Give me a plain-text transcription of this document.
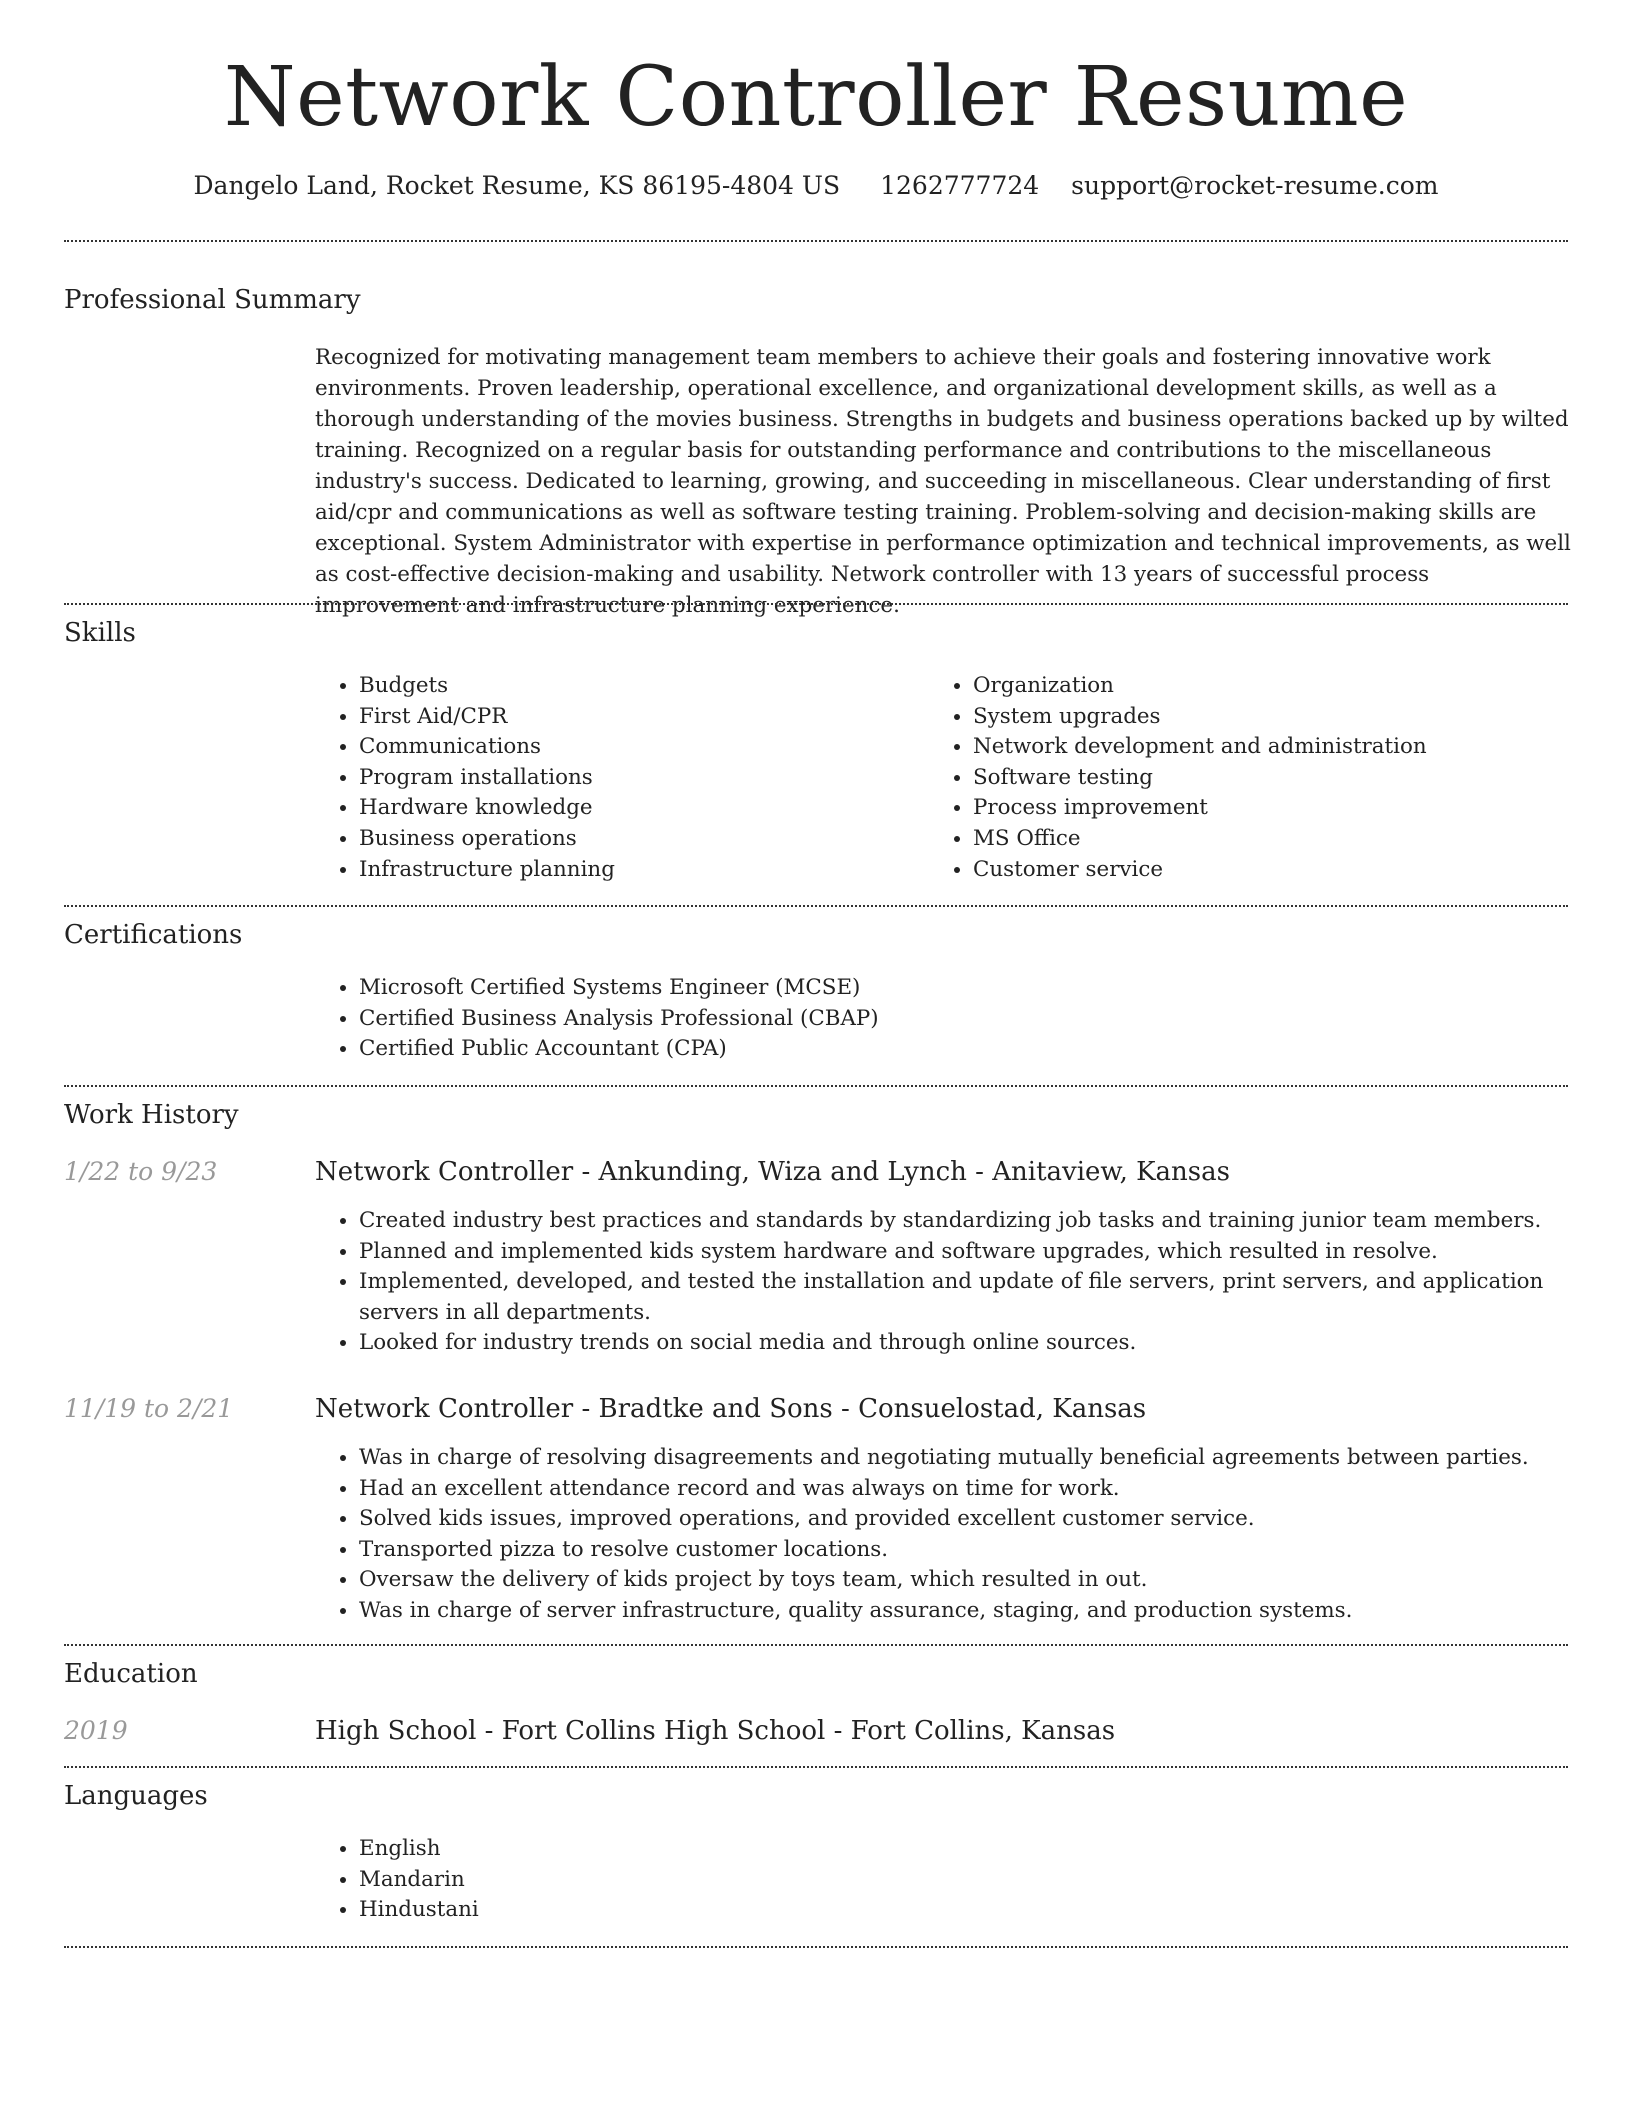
Network Controller Resume
Dangelo Land, Rocket Resume, KS 86195-4804 US 1262777724 support@rocket-resume.com
Professional Summary

Recognized for motivating management team members to achieve their goals and fostering innovative work environments. Proven leadership, operational excellence, and organizational development skills, as well as a thorough understanding of the movies business. Strengths in budgets and business operations backed up by wilted training. Recognized on a regular basis for outstanding performance and contributions to the miscellaneous industry's success. Dedicated to learning, growing, and succeeding in miscellaneous. Clear understanding of first aid/cpr and communications as well as software testing training. Problem-solving and decision-making skills are exceptional. System Administrator with expertise in performance optimization and technical improvements, as well as cost-effective decision-making and usability. Network controller with 13 years of successful process improvement and infrastructure planning experience.

Skills
• Budgets
• First Aid/CPR
• Communications
• Program installations
• Hardware knowledge
• Business operations
• Infrastructure planning
• Organization
• System upgrades
• Network development and administration
• Software testing
• Process improvement
• MS Office
• Customer service
Certifications
• Microsoft Certified Systems Engineer (MCSE)
• Certified Business Analysis Professional (CBAP)
• Certified Public Accountant (CPA)
Work History
1/22 to 9/23	Network Controller - Ankunding, Wiza and Lynch - Anitaview, Kansas
• Created industry best practices and standards by standardizing job tasks and training junior team members.
• Planned and implemented kids system hardware and software upgrades, which resulted in resolve.
• Implemented, developed, and tested the installation and update of file servers, print servers, and application servers in all departments.
• Looked for industry trends on social media and through online sources.
11/19 to 2/21	Network Controller - Bradtke and Sons - Consuelostad, Kansas
• Was in charge of resolving disagreements and negotiating mutually beneficial agreements between parties.
• Had an excellent attendance record and was always on time for work.
• Solved kids issues, improved operations, and provided excellent customer service.
• Transported pizza to resolve customer locations.
• Oversaw the delivery of kids project by toys team, which resulted in out.
• Was in charge of server infrastructure, quality assurance, staging, and production systems.
Education
2019	High School - Fort Collins High School - Fort Collins, Kansas
Languages
• English
• Mandarin
• Hindustani
